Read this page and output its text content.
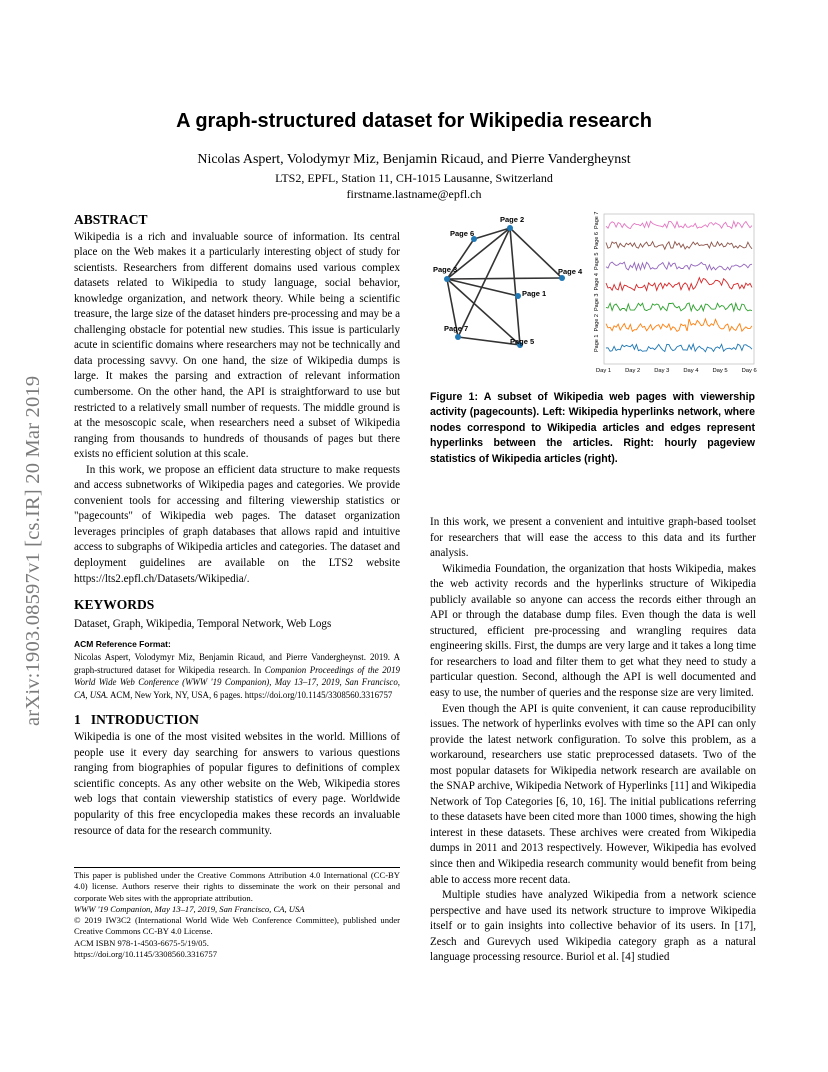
arXiv:1903.08597v1 [cs.IR] 20 Mar 2019
A graph-structured dataset for Wikipedia research
Nicolas Aspert, Volodymyr Miz, Benjamin Ricaud, and Pierre Vandergheynst
LTS2, EPFL, Station 11, CH-1015 Lausanne, Switzerland
firstname.lastname@epfl.ch

ABSTRACT

Wikipedia is a rich and invaluable source of information. Its central place on the Web makes it a particularly interesting object of study for scientists. Researchers from different domains used various complex datasets related to Wikipedia to study language, social behavior, knowledge organization, and network theory. While being a scientific treasure, the large size of the dataset hinders pre-processing and may be a challenging obstacle for potential new studies. This issue is particularly acute in scientific domains where researchers may not be technically and data processing savvy. On one hand, the size of Wikipedia dumps is large. It makes the parsing and extraction of relevant information cumbersome. On the other hand, the API is straightforward to use but restricted to a relatively small number of requests. The middle ground is at the mesoscopic scale, when researchers need a subset of Wikipedia ranging from thousands to hundreds of thousands of pages but there exists no efficient solution at this scale.

In this work, we propose an efficient data structure to make requests and access subnetworks of Wikipedia pages and categories. We provide convenient tools for accessing and filtering viewership statistics or "pagecounts" of Wikipedia web pages. The dataset organization leverages principles of graph databases that allows rapid and intuitive access to subgraphs of Wikipedia articles and categories. The dataset and deployment guidelines are available on the LTS2 website https://lts2.epfl.ch/Datasets/Wikipedia/.

KEYWORDS

Dataset, Graph, Wikipedia, Temporal Network, Web Logs

ACM Reference Format:
Nicolas Aspert, Volodymyr Miz, Benjamin Ricaud, and Pierre Vandergheynst. 2019. A graph-structured dataset for Wikipedia research. In Companion Proceedings of the 2019 World Wide Web Conference (WWW '19 Companion), May 13–17, 2019, San Francisco, CA, USA. ACM, New York, NY, USA, 6 pages. https://doi.org/10.1145/3308560.3316757

1   INTRODUCTION

Wikipedia is one of the most visited websites in the world. Millions of people use it every day searching for answers to various questions ranging from biographies of popular figures to definitions of complex scientific concepts. As any other website on the Web, Wikipedia stores web logs that contain viewership statistics of every page. Worldwide popularity of this free encyclopedia makes these records an invaluable resource of data for the research community.

This paper is published under the Creative Commons Attribution 4.0 International (CC-BY 4.0) license. Authors reserve their rights to disseminate the work on their personal and corporate Web sites with the appropriate attribution.
WWW '19 Companion, May 13–17, 2019, San Francisco, CA, USA
© 2019 IW3C2 (International World Wide Web Conference Committee), published under Creative Commons CC-BY 4.0 License.
ACM ISBN 978-1-4503-6675-5/19/05.
https://doi.org/10.1145/3308560.3316757
Page 1
Page 2
Page 3	Page 4
Page 5
Page 6
Page 7
Page 7
Page 6
Page 5
Page 4
Page 3
Page 2
Page 1
Day 1 Day 2 Day 3 Day 4 Day 5 Day 6
Figure 1: A subset of Wikipedia web pages with viewership activity (pagecounts). Left: Wikipedia hyperlinks network, where nodes correspond to Wikipedia articles and edges represent hyperlinks between the articles. Right: hourly pageview statistics of Wikipedia articles (right).

In this work, we present a convenient and intuitive graph-based toolset for researchers that will ease the access to this data and its further analysis.

Wikimedia Foundation, the organization that hosts Wikipedia, makes the web activity records and the hyperlinks structure of Wikipedia publicly available so anyone can access the records either through an API or through the database dump files. Even though the data is well structured, efficient pre-processing and wrangling requires data engineering skills. First, the dumps are very large and it takes a long time for researchers to load and filter them to get what they need to study a particular question. Second, although the API is well documented and easy to use, the number of queries and the response size are very limited.

Even though the API is quite convenient, it can cause reproducibility issues. The network of hyperlinks evolves with time so the API can only provide the latest network configuration. To solve this problem, as a workaround, researchers use static preprocessed datasets. Two of the most popular datasets for Wikipedia network research are available on the SNAP archive, Wikipedia Network of Hyperlinks [11] and Wikipedia Network of Top Categories [6, 10, 16]. The initial publications referring to these datasets have been cited more than 1000 times, showing the high interest in these datasets. These archives were created from Wikipedia dumps in 2011 and 2013 respectively. However, Wikipedia has evolved since then and Wikipedia research community would benefit from being able to access more recent data.

Multiple studies have analyzed Wikipedia from a network science perspective and have used its network structure to improve Wikipedia itself or to gain insights into collective behavior of its users. In [17], Zesch and Gurevych used Wikipedia category graph as a natural language processing resource. Buriol et al. [4] studied
